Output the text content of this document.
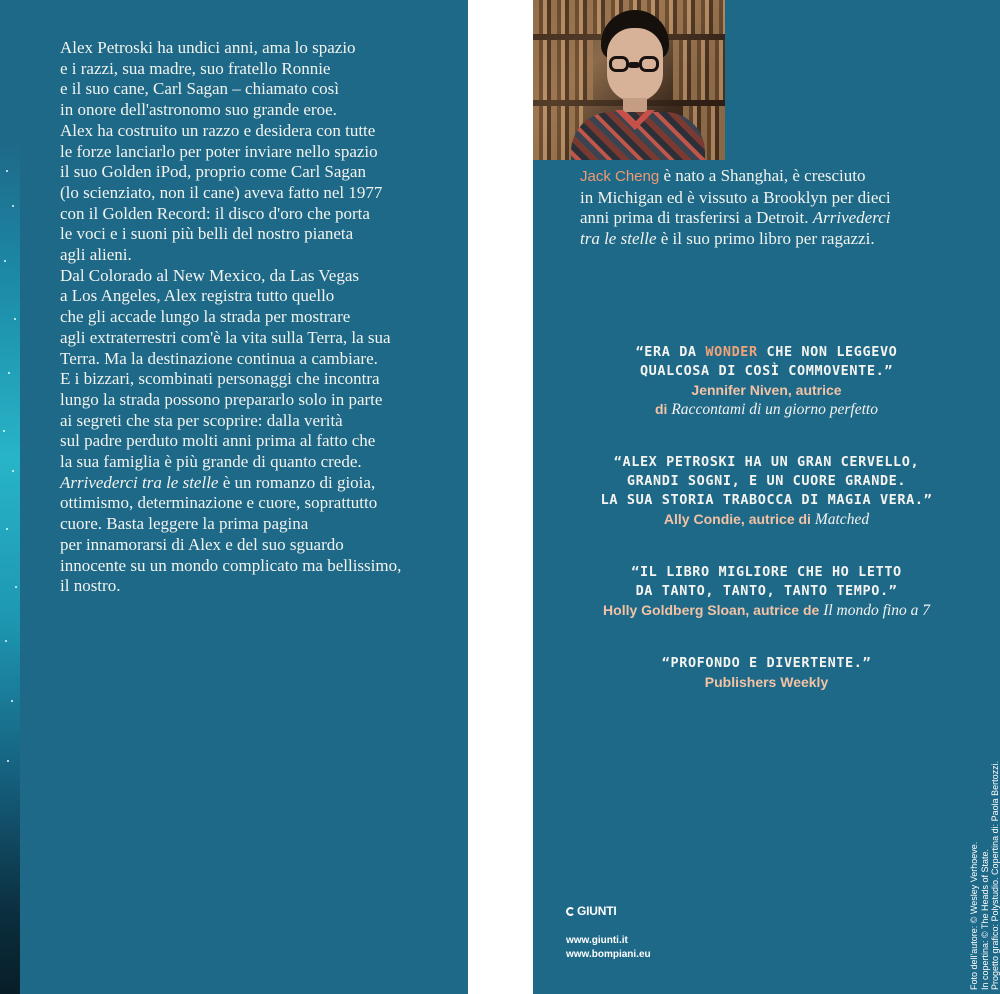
Alex Petroski ha undici anni, ama lo spazio
e i razzi, sua madre, suo fratello Ronnie
e il suo cane, Carl Sagan – chiamato così
in onore dell'astronomo suo grande eroe.
Alex ha costruito un razzo e desidera con tutte
le forze lanciarlo per poter inviare nello spazio
il suo Golden iPod, proprio come Carl Sagan
(lo scienziato, non il cane) aveva fatto nel 1977
con il Golden Record: il disco d'oro che porta
le voci e i suoni più belli del nostro pianeta
agli alieni.
Dal Colorado al New Mexico, da Las Vegas
a Los Angeles, Alex registra tutto quello
che gli accade lungo la strada per mostrare
agli extraterrestri com'è la vita sulla Terra, la sua
Terra. Ma la destinazione continua a cambiare.
E i bizzari, scombinati personaggi che incontra
lungo la strada possono prepararlo solo in parte
ai segreti che sta per scoprire: dalla verità
sul padre perduto molti anni prima al fatto che
la sua famiglia è più grande di quanto crede.
Arrivederci tra le stelle è un romanzo di gioia,
ottimismo, determinazione e cuore, soprattutto
cuore. Basta leggere la prima pagina
per innamorarsi di Alex e del suo sguardo
innocente su un mondo complicato ma bellissimo,
il nostro.
Jack Cheng è nato a Shanghai, è cresciuto
in Michigan ed è vissuto a Brooklyn per dieci
anni prima di trasferirsi a Detroit. Arrivederci
tra le stelle è il suo primo libro per ragazzi.
“ERA DA WONDER CHE NON LEGGEVO
QUALCOSA DI COSÌ COMMOVENTE.”
Jennifer Niven, autrice
di Raccontami di un giorno perfetto
“ALEX PETROSKI HA UN GRAN CERVELLO,
GRANDI SOGNI, E UN CUORE GRANDE.
LA SUA STORIA TRABOCCA DI MAGIA VERA.”
Ally Condie, autrice di Matched
“IL LIBRO MIGLIORE CHE HO LETTO
DA TANTO, TANTO, TANTO TEMPO.”
Holly Goldberg Sloan, autrice de Il mondo fino a 7
“PROFONDO E DIVERTENTE.”
Publishers Weekly
GIUNTI
www.giunti.it
www.bompiani.eu	Foto dell'autore: © Wesley Verhoeve. In copertina: © The Heads of State. Progetto grafico: Polystudio. Copertina di: Paola Bertozzi.
